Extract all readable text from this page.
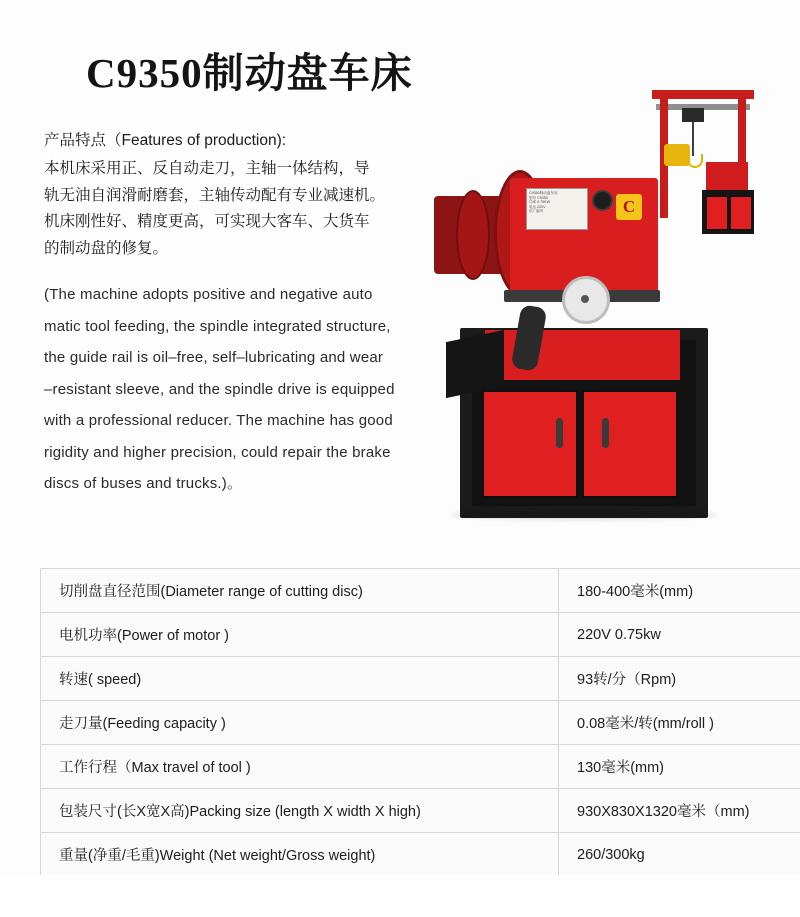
C9350制动盘车床
产品特点（Features of production):
本机床采用正、反自动走刀，主轴一体结构，导
轨无油自润滑耐磨套，主轴传动配有专业减速机。
机床刚性好、精度更高，可实现大客车、大货车
的制动盘的修复。
(The machine adopts positive and negative auto
matic tool feeding, the spindle integrated structure,
the guide rail is oil–free, self–lubricating and wear
–resistant sleeve, and the spindle drive is equipped
with a professional reducer. The machine has good
rigidity and higher precision, could repair the brake
discs of buses and trucks.)。
C9350制动盘车床
型号 C9350
功率 0.75KW
电压 220V
出厂编号	C
切削盘直径范围(Diameter range of cutting disc)	180-400毫米(mm)
电机功率(Power of motor )	220V 0.75kw
转速( speed)	93转/分（Rpm)
走刀量(Feeding capacity )	0.08毫米/转(mm/roll )
工作行程（Max travel of tool )	130毫米(mm)
包装尺寸(长X宽X高)Packing size (length X width X high)	930X830X1320毫米（mm)
重量(净重/毛重)Weight (Net weight/Gross weight)	260/300kg
